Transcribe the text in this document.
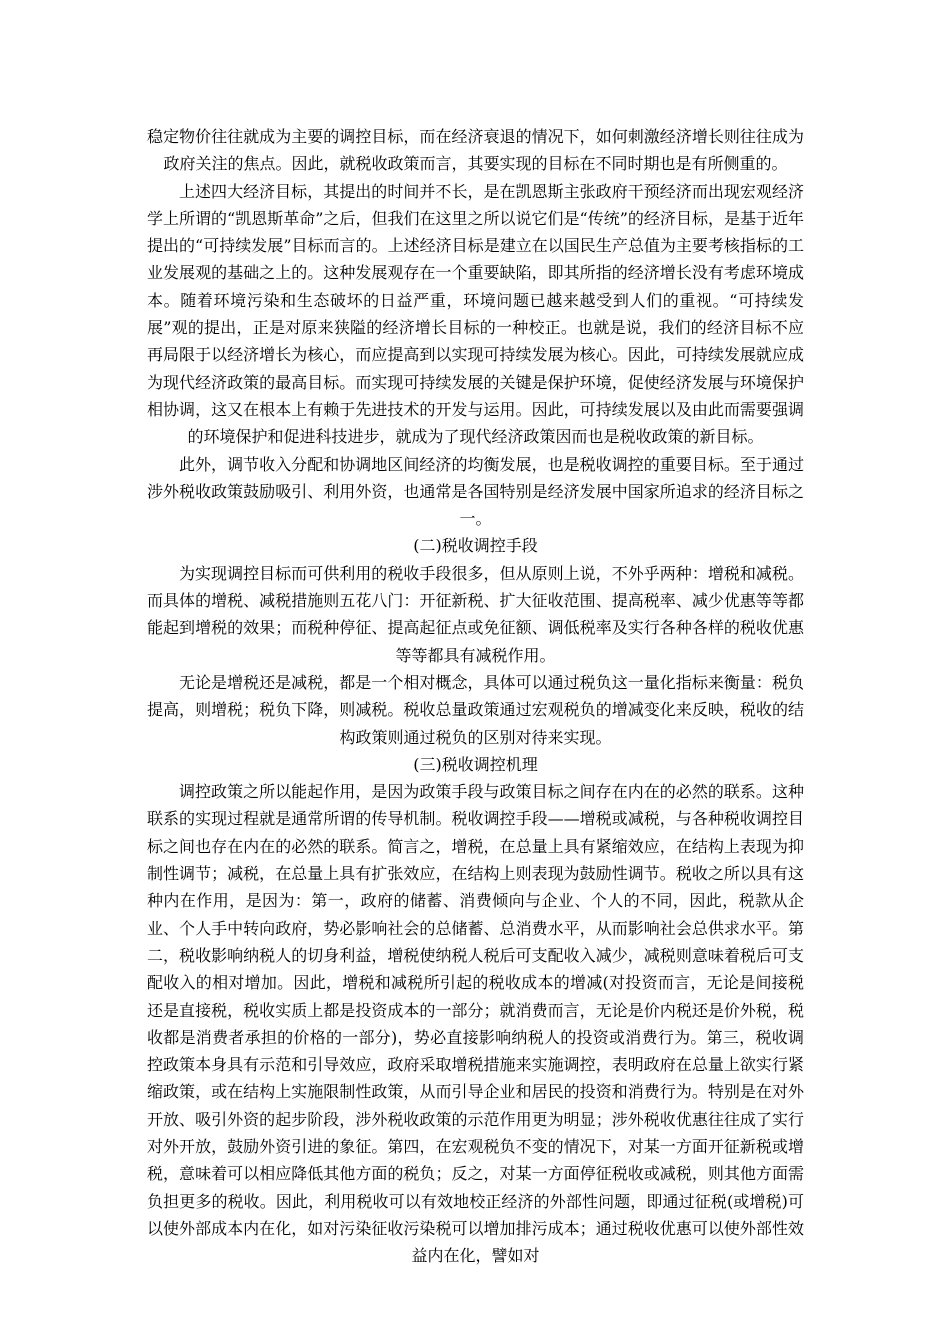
稳定物价往往就成为主要的调控目标，而在经济衰退的情况下，如何刺激经济增长则往往成为政府关注的焦点。因此，就税收政策而言，其要实现的目标在不同时期也是有所侧重的。

上述四大经济目标，其提出的时间并不长，是在凯恩斯主张政府干预经济而出现宏观经济学上所谓的“凯恩斯革命”之后，但我们在这里之所以说它们是“传统”的经济目标，是基于近年提出的“可持续发展”目标而言的。上述经济目标是建立在以国民生产总值为主要考核指标的工业发展观的基础之上的。这种发展观存在一个重要缺陷，即其所指的经济增长没有考虑环境成本。随着环境污染和生态破坏的日益严重，环境问题已越来越受到人们的重视。“可持续发展”观的提出，正是对原来狭隘的经济增长目标的一种校正。也就是说，我们的经济目标不应再局限于以经济增长为核心，而应提高到以实现可持续发展为核心。因此，可持续发展就应成为现代经济政策的最高目标。而实现可持续发展的关键是保护环境，促使经济发展与环境保护相协调，这又在根本上有赖于先进技术的开发与运用。因此，可持续发展以及由此而需要强调的环境保护和促进科技进步，就成为了现代经济政策因而也是税收政策的新目标。

此外，调节收入分配和协调地区间经济的均衡发展，也是税收调控的重要目标。至于通过涉外税收政策鼓励吸引、利用外资，也通常是各国特别是经济发展中国家所追求的经济目标之一。

(二)税收调控手段

为实现调控目标而可供利用的税收手段很多，但从原则上说，不外乎两种：增税和减税。而具体的增税、减税措施则五花八门：开征新税、扩大征收范围、提高税率、减少优惠等等都能起到增税的效果；而税种停征、提高起征点或免征额、调低税率及实行各种各样的税收优惠等等都具有减税作用。

无论是增税还是减税，都是一个相对概念，具体可以通过税负这一量化指标来衡量：税负提高，则增税；税负下降，则减税。税收总量政策通过宏观税负的增减变化来反映，税收的结构政策则通过税负的区别对待来实现。

(三)税收调控机理

调控政策之所以能起作用，是因为政策手段与政策目标之间存在内在的必然的联系。这种联系的实现过程就是通常所谓的传导机制。税收调控手段——增税或减税，与各种税收调控目标之间也存在内在的必然的联系。简言之，增税，在总量上具有紧缩效应，在结构上表现为抑制性调节；减税，在总量上具有扩张效应，在结构上则表现为鼓励性调节。税收之所以具有这种内在作用，是因为：第一，政府的储蓄、消费倾向与企业、个人的不同，因此，税款从企业、个人手中转向政府，势必影响社会的总储蓄、总消费水平，从而影响社会总供求水平。第二，税收影响纳税人的切身利益，增税使纳税人税后可支配收入减少，减税则意味着税后可支配收入的相对增加。因此，增税和减税所引起的税收成本的增减(对投资而言，无论是间接税还是直接税，税收实质上都是投资成本的一部分；就消费而言，无论是价内税还是价外税，税收都是消费者承担的价格的一部分)，势必直接影响纳税人的投资或消费行为。第三，税收调控政策本身具有示范和引导效应，政府采取增税措施来实施调控，表明政府在总量上欲实行紧缩政策，或在结构上实施限制性政策，从而引导企业和居民的投资和消费行为。特别是在对外开放、吸引外资的起步阶段，涉外税收政策的示范作用更为明显；涉外税收优惠往往成了实行对外开放，鼓励外资引进的象征。第四，在宏观税负不变的情况下，对某一方面开征新税或增税，意味着可以相应降低其他方面的税负；反之，对某一方面停征税收或减税，则其他方面需负担更多的税收。因此，利用税收可以有效地校正经济的外部性问题，即通过征税(或增税)可以使外部成本内在化，如对污染征收污染税可以增加排污成本；通过税收优惠可以使外部性效益内在化，譬如对
